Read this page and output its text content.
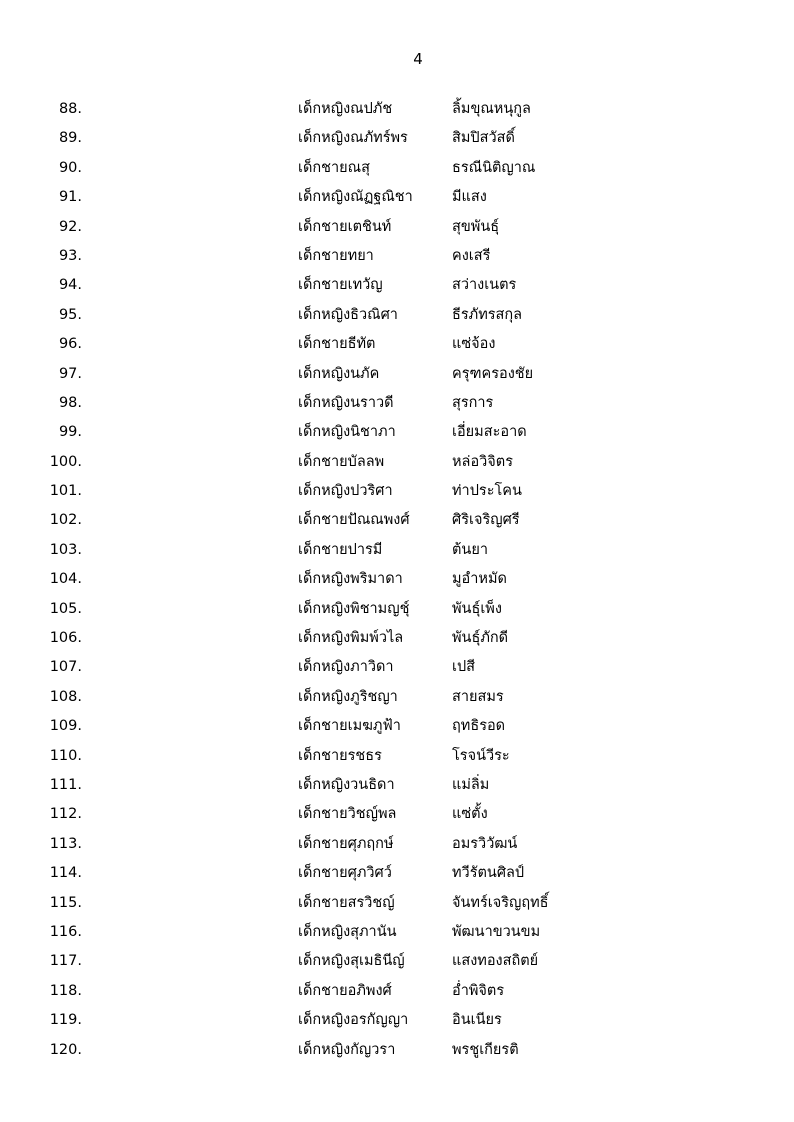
4
88.	เด็กหญิงณปภัช	ลิ้มขุณหนุกูล
89.	เด็กหญิงณภัทร์พร	สิมปิสวัสดิ์
90.	เด็กชายณสุ	ธรณีนิติญาณ
91.	เด็กหญิงณัฏฐณิชา	มีแสง
92.	เด็กชายเตชินท์	สุขพันธุ์
93.	เด็กชายทยา	คงเสรี
94.	เด็กชายเทวัญ	สว่างเนตร
95.	เด็กหญิงธิวณิศา	ธีรภัทรสกุล
96.	เด็กชายธีทัต	แซ่จ้อง
97.	เด็กหญิงนภัค	ครุฑครองชัย
98.	เด็กหญิงนราวดี	สุรการ
99.	เด็กหญิงนิชาภา	เอี่ยมสะอาด
100.	เด็กชายบัลลพ	หล่อวิจิตร
101.	เด็กหญิงปวริศา	ท่าประโคน
102.	เด็กชายปัณณพงศ์	ศิริเจริญศรี
103.	เด็กชายปารมี	ต้นยา
104.	เด็กหญิงพริมาดา	มูอำหมัด
105.	เด็กหญิงพิชามญชุ์	พันธุ์เพ็ง
106.	เด็กหญิงพิมพ์วไล	พันธุ์ภักดี
107.	เด็กหญิงภาวิดา	เปสี
108.	เด็กหญิงภูริชญา	สายสมร
109.	เด็กชายเมฆภูฟ้า	ฤทธิรอด
110.	เด็กชายรชธร	โรจน์วีระ
111.	เด็กหญิงวนธิดา	แม่ลิ่ม
112.	เด็กชายวิชญ์พล	แซ่ตั้ง
113.	เด็กชายศุภฤกษ์	อมรวิวัฒน์
114.	เด็กชายศุภวิศว์	ทวีรัตนศิลป์
115.	เด็กชายสรวิชญ์	จันทร์เจริญฤทธิ์
116.	เด็กหญิงสุภานัน	พัฒนาขวนขม
117.	เด็กหญิงสุเมธินีญ์	แสงทองสถิตย์
118.	เด็กชายอภิพงศ์	อ่ำพิจิตร
119.	เด็กหญิงอรกัญญา	อินเนียร
120.	เด็กหญิงกัญวรา	พรชูเกียรติ
